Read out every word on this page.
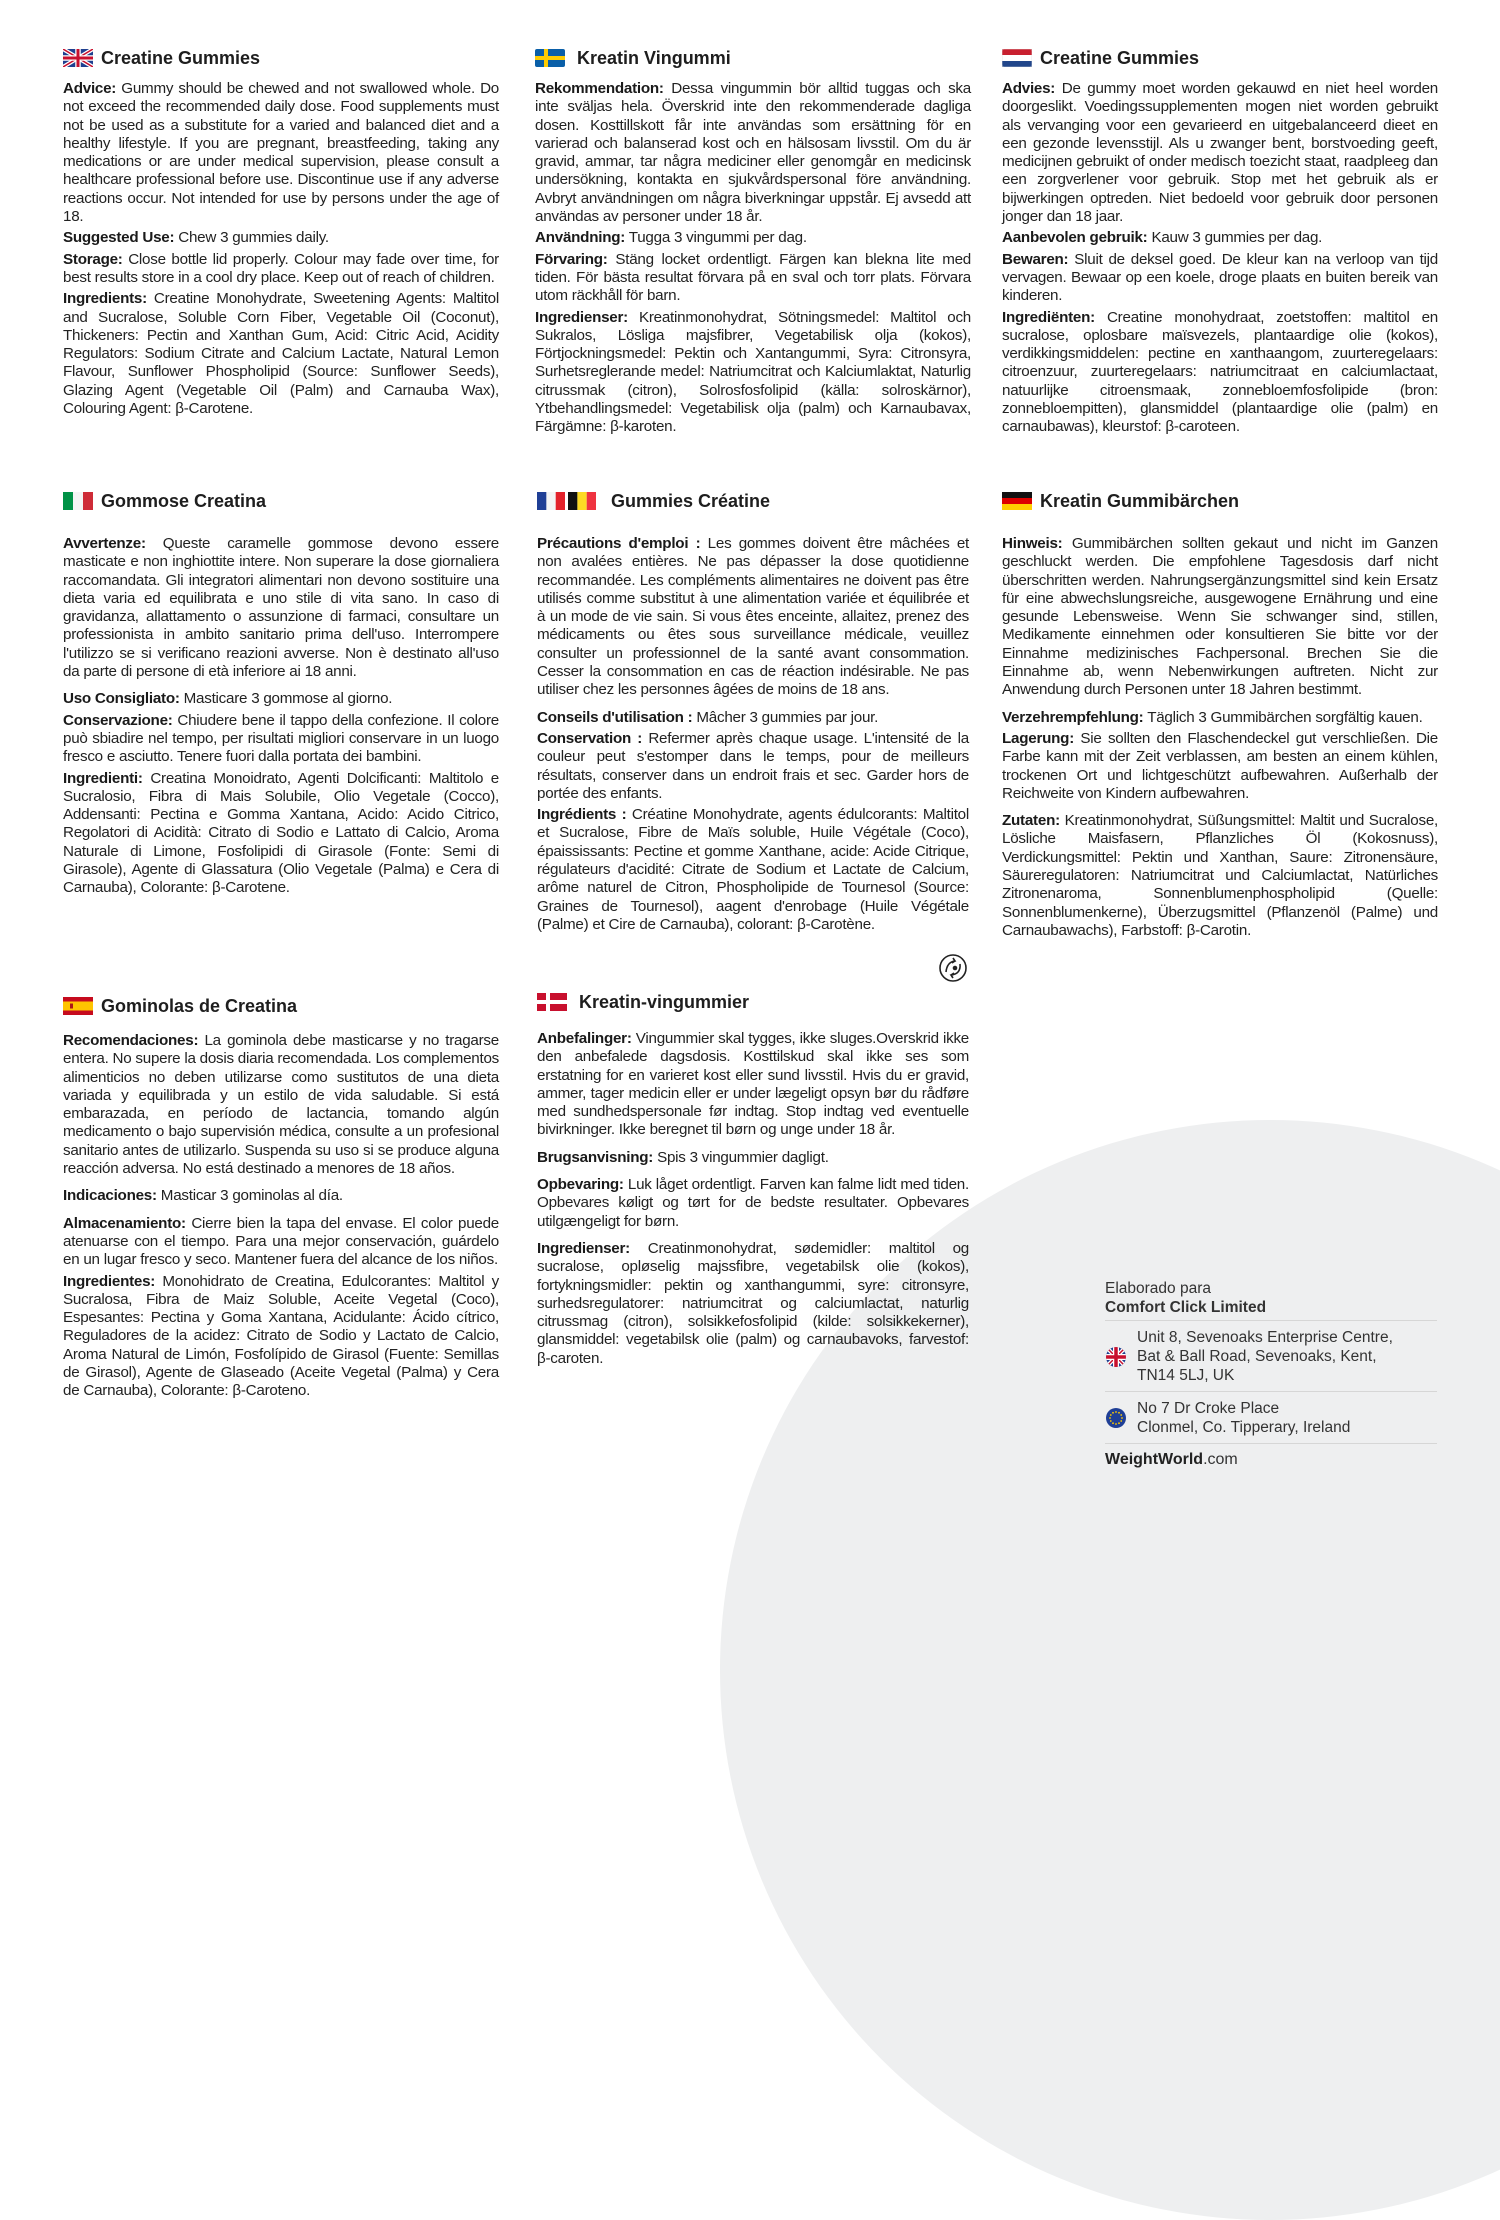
Creatine Gummies

Advice: Gummy should be chewed and not swallowed whole. Do not exceed the recommended daily dose. Food supplements must not be used as a substitute for a varied and balanced diet and a healthy lifestyle. If you are pregnant, breastfeeding, taking any medications or are under medical supervision, please consult a healthcare professional before use. Discontinue use if any adverse reactions occur. Not intended for use by persons under the age of 18.

Suggested Use: Chew 3 gummies daily.

Storage: Close bottle lid properly. Colour may fade over time, for best results store in a cool dry place. Keep out of reach of children.

Ingredients: Creatine Monohydrate, Sweetening Agents: Maltitol and Sucralose, Soluble Corn Fiber, Vegetable Oil (Coconut), Thickeners: Pectin and Xanthan Gum, Acid: Citric Acid, Acidity Regulators: Sodium Citrate and Calcium Lactate, Natural Lemon Flavour, Sunflower Phospholipid (Source: Sunflower Seeds), Glazing Agent (Vegetable Oil (Palm) and Carnauba Wax), Colouring Agent: β-Carotene.

Kreatin Vingummi

Rekommendation: Dessa vingummin bör alltid tuggas och ska inte sväljas hela. Överskrid inte den rekommenderade dagliga dosen. Kosttillskott får inte användas som ersättning för en varierad och balanserad kost och en hälsosam livsstil. Om du är gravid, ammar, tar några mediciner eller genomgår en medicinsk undersökning, kontakta en sjukvårdspersonal före användning. Avbryt användningen om några biverkningar uppstår. Ej avsedd att användas av personer under 18 år.

Användning: Tugga 3 vingummi per dag.

Förvaring: Stäng locket ordentligt. Färgen kan blekna lite med tiden. För bästa resultat förvara på en sval och torr plats. Förvara utom räckhåll för barn.

Ingredienser: Kreatinmonohydrat, Sötningsmedel: Maltitol och Sukralos, Lösliga majsfibrer, Vegetabilisk olja (kokos), Förtjockningsmedel: Pektin och Xantangummi, Syra: Citronsyra, Surhetsreglerande medel: Natriumcitrat och Kalciumlaktat, Naturlig citrussmak (citron), Solrosfosfolipid (källa: solroskärnor), Ytbehandlingsmedel: Vegetabilisk olja (palm) och Karnaubavax, Färgämne: β-karoten.

Creatine Gummies

Advies: De gummy moet worden gekauwd en niet heel worden doorgeslikt. Voedingssupplementen mogen niet worden gebruikt als vervanging voor een gevarieerd en uitgebalanceerd dieet en een gezonde levensstijl. Als u zwanger bent, borstvoeding geeft, medicijnen gebruikt of onder medisch toezicht staat, raadpleeg dan een zorgverlener voor gebruik. Stop met het gebruik als er bijwerkingen optreden. Niet bedoeld voor gebruik door personen jonger dan 18 jaar.

Aanbevolen gebruik: Kauw 3 gummies per dag.

Bewaren: Sluit de deksel goed. De kleur kan na verloop van tijd vervagen. Bewaar op een koele, droge plaats en buiten bereik van kinderen.

Ingrediënten: Creatine monohydraat, zoetstoffen: maltitol en sucralose, oplosbare maïsvezels, plantaardige olie (kokos), verdikkingsmiddelen: pectine en xanthaangom, zuurteregelaars: citroenzuur, zuurteregelaars: natriumcitraat en calciumlactaat, natuurlijke citroensmaak, zonnebloemfosfolipide (bron: zonnebloempitten), glansmiddel (plantaardige olie (palm) en carnaubawas), kleurstof: β-caroteen.

Gommose Creatina

Avvertenze: Queste caramelle gommose devono essere masticate e non inghiottite intere. Non superare la dose giornaliera raccomandata. Gli integratori alimentari non devono sostituire una dieta varia ed equilibrata e uno stile di vita sano. In caso di gravidanza, allattamento o assunzione di farmaci, consultare un professionista in ambito sanitario prima dell'uso. Interrompere l'utilizzo se si verificano reazioni avverse. Non è destinato all'uso da parte di persone di età inferiore ai 18 anni.

Uso Consigliato: Masticare 3 gommose al giorno.

Conservazione: Chiudere bene il tappo della confezione. Il colore può sbiadire nel tempo, per risultati migliori conservare in un luogo fresco e asciutto. Tenere fuori dalla portata dei bambini.

Ingredienti: Creatina Monoidrato, Agenti Dolcificanti: Maltitolo e Sucralosio, Fibra di Mais Solubile, Olio Vegetale (Cocco), Addensanti: Pectina e Gomma Xantana, Acido: Acido Citrico, Regolatori di Acidità: Citrato di Sodio e Lattato di Calcio, Aroma Naturale di Limone, Fosfolipidi di Girasole (Fonte: Semi di Girasole), Agente di Glassatura (Olio Vegetale (Palma) e Cera di Carnauba), Colorante: β-Carotene.

Gummies Créatine

Précautions d'emploi : Les gommes doivent être mâchées et non avalées entières. Ne pas dépasser la dose quotidienne recommandée. Les compléments alimentaires ne doivent pas être utilisés comme substitut à une alimentation variée et équilibrée et à un mode de vie sain. Si vous êtes enceinte, allaitez, prenez des médicaments ou êtes sous surveillance médicale, veuillez consulter un professionnel de la santé avant consommation. Cesser la consommation en cas de réaction indésirable. Ne pas utiliser chez les personnes âgées de moins de 18 ans.

Conseils d'utilisation : Mâcher 3 gummies par jour.

Conservation : Refermer après chaque usage. L'intensité de la couleur peut s'estomper dans le temps, pour de meilleurs résultats, conserver dans un endroit frais et sec. Garder hors de portée des enfants.

Ingrédients : Créatine Monohydrate, agents édulcorants: Maltitol et Sucralose, Fibre de Maïs soluble, Huile Végétale (Coco), épaississants: Pectine et gomme Xanthane, acide: Acide Citrique, régulateurs d'acidité: Citrate de Sodium et Lactate de Calcium, arôme naturel de Citron, Phospholipide de Tournesol (Source: Graines de Tournesol), aagent d'enrobage (Huile Végétale (Palme) et Cire de Carnauba), colorant: β-Carotène.

Kreatin Gummibärchen

Hinweis: Gummibärchen sollten gekaut und nicht im Ganzen geschluckt werden. Die empfohlene Tagesdosis darf nicht überschritten werden. Nahrungsergänzungsmittel sind kein Ersatz für eine abwechslungsreiche, ausgewogene Ernährung und eine gesunde Lebensweise. Wenn Sie schwanger sind, stillen, Medikamente einnehmen oder konsultieren Sie bitte vor der Einnahme medizinisches Fachpersonal. Brechen Sie die Einnahme ab, wenn Nebenwirkungen auftreten. Nicht zur Anwendung durch Personen unter 18 Jahren bestimmt.

Verzehrempfehlung: Täglich 3 Gummibärchen sorgfältig kauen.

Lagerung: Sie sollten den Flaschendeckel gut verschließen. Die Farbe kann mit der Zeit verblassen, am besten an einem kühlen, trockenen Ort und lichtgeschützt aufbewahren. Außerhalb der Reichweite von Kindern aufbewahren.

Zutaten: Kreatinmonohydrat, Süßungsmittel: Maltit und Sucralose, Lösliche Maisfasern, Pflanzliches Öl (Kokosnuss), Verdickungsmittel: Pektin und Xanthan, Saure: Zitronensäure, Säureregulatoren: Natriumcitrat und Calciumlactat, Natürliches Zitronenaroma, Sonnenblumenphospholipid (Quelle: Sonnenblumenkerne), Überzugsmittel (Pflanzenöl (Palme) und Carnaubawachs), Farbstoff: β-Carotin.

Gominolas de Creatina

Recomendaciones: La gominola debe masticarse y no tragarse entera. No supere la dosis diaria recomendada. Los complementos alimenticios no deben utilizarse como sustitutos de una dieta variada y equilibrada y un estilo de vida saludable. Si está embarazada, en período de lactancia, tomando algún medicamento o bajo supervisión médica, consulte a un profesional sanitario antes de utilizarlo. Suspenda su uso si se produce alguna reacción adversa. No está destinado a menores de 18 años.

Indicaciones: Masticar 3 gominolas al día.

Almacenamiento: Cierre bien la tapa del envase. El color puede atenuarse con el tiempo. Para una mejor conservación, guárdelo en un lugar fresco y seco. Mantener fuera del alcance de los niños.

Ingredientes: Monohidrato de Creatina, Edulcorantes: Maltitol y Sucralosa, Fibra de Maiz Soluble, Aceite Vegetal (Coco), Espesantes: Pectina y Goma Xantana, Acidulante: Ácido cítrico, Reguladores de la acidez: Citrato de Sodio y Lactato de Calcio, Aroma Natural de Limón, Fosfolípido de Girasol (Fuente: Semillas de Girasol), Agente de Glaseado (Aceite Vegetal (Palma) y Cera de Carnauba), Colorante: β-Caroteno.

Kreatin-vingummier

Anbefalinger: Vingummier skal tygges, ikke sluges.Overskrid ikke den anbefalede dagsdosis. Kosttilskud skal ikke ses som erstatning for en varieret kost eller sund livsstil. Hvis du er gravid, ammer, tager medicin eller er under lægeligt opsyn bør du rådføre med sundhedspersonale før indtag. Stop indtag ved eventuelle bivirkninger. Ikke beregnet til børn og unge under 18 år.

Brugsanvisning: Spis 3 vingummier dagligt.

Opbevaring: Luk låget ordentligt. Farven kan falme lidt med tiden. Opbevares køligt og tørt for de bedste resultater. Opbevares utilgængeligt for børn.

Ingredienser: Creatinmonohydrat, sødemidler: maltitol og sucralose, opløselig majssfibre, vegetabilsk olie (kokos), fortykningsmidler: pektin og xanthangummi, syre: citronsyre, surhedsregulatorer: natriumcitrat og calciumlactat, naturlig citrussmag (citron), solsikkefosfolipid (kilde: solsikkekerner), glansmiddel: vegetabilsk olie (palm) og carnaubavoks, farvestof: β-caroten.

Elaborado para

Comfort Click Limited

Unit 8, Sevenoaks Enterprise Centre,
Bat & Ball Road, Sevenoaks, Kent,
TN14 5LJ, UK
No 7 Dr Croke Place
Clonmel, Co. Tipperary, Ireland
WeightWorld.com
